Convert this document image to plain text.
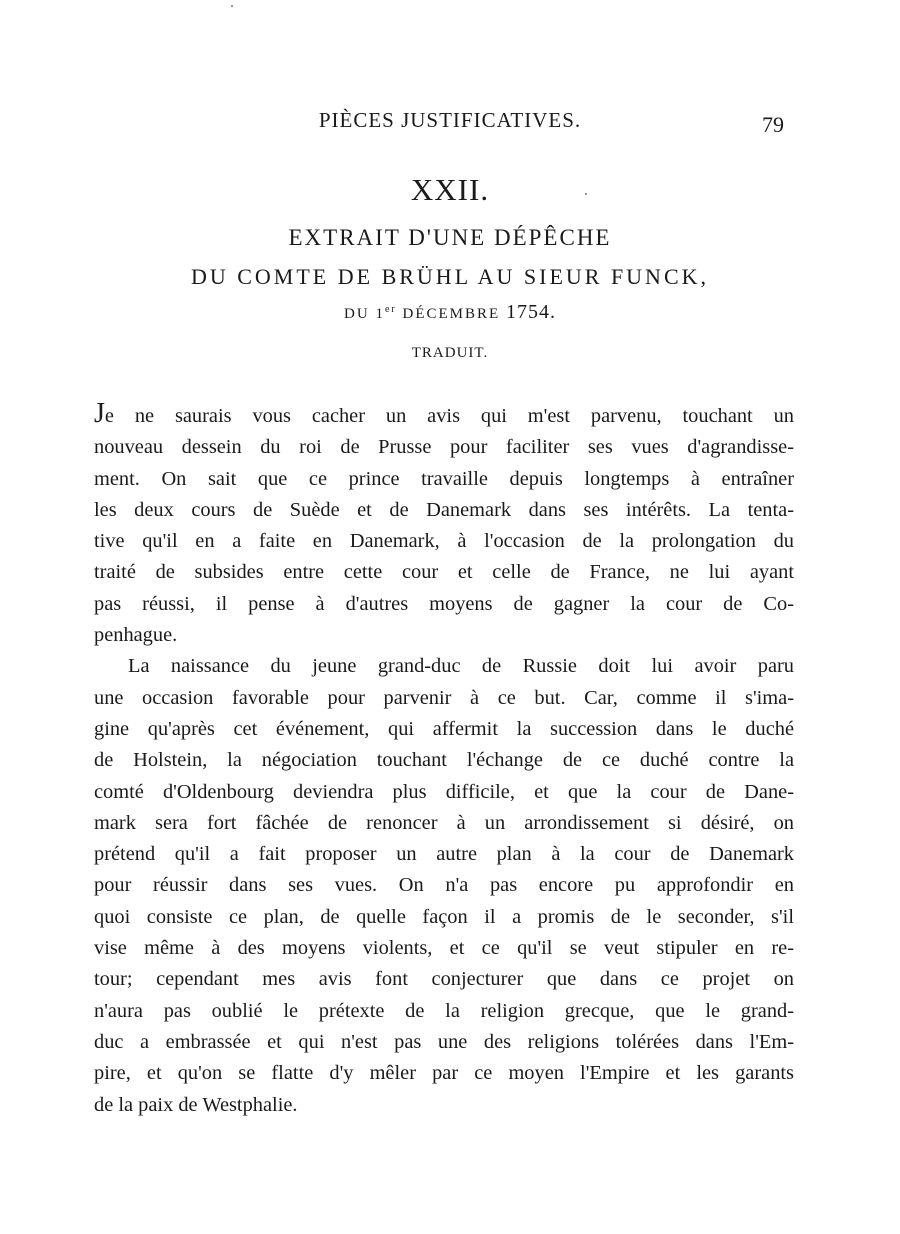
PIÈCES JUSTIFICATIVES.	79
XXII.
EXTRAIT D'UNE DÉPÊCHE
DU COMTE DE BRÜHL AU SIEUR FUNCK,
DU 1er DÉCEMBRE 1754.
TRADUIT.
Je ne saurais vous cacher un avis qui m'est parvenu, touchant un
nouveau dessein du roi de Prusse pour faciliter ses vues d'agrandisse-
ment. On sait que ce prince travaille depuis longtemps à entraîner
les deux cours de Suède et de Danemark dans ses intérêts. La tenta-
tive qu'il en a faite en Danemark, à l'occasion de la prolongation du
traité de subsides entre cette cour et celle de France, ne lui ayant
pas réussi, il pense à d'autres moyens de gagner la cour de Co-
penhague.
La naissance du jeune grand-duc de Russie doit lui avoir paru
une occasion favorable pour parvenir à ce but. Car, comme il s'ima-
gine qu'après cet événement, qui affermit la succession dans le duché
de Holstein, la négociation touchant l'échange de ce duché contre la
comté d'Oldenbourg deviendra plus difficile, et que la cour de Dane-
mark sera fort fâchée de renoncer à un arrondissement si désiré, on
prétend qu'il a fait proposer un autre plan à la cour de Danemark
pour réussir dans ses vues. On n'a pas encore pu approfondir en
quoi consiste ce plan, de quelle façon il a promis de le seconder, s'il
vise même à des moyens violents, et ce qu'il se veut stipuler en re-
tour; cependant mes avis font conjecturer que dans ce projet on
n'aura pas oublié le prétexte de la religion grecque, que le grand-
duc a embrassée et qui n'est pas une des religions tolérées dans l'Em-
pire, et qu'on se flatte d'y mêler par ce moyen l'Empire et les garants
de la paix de Westphalie.
